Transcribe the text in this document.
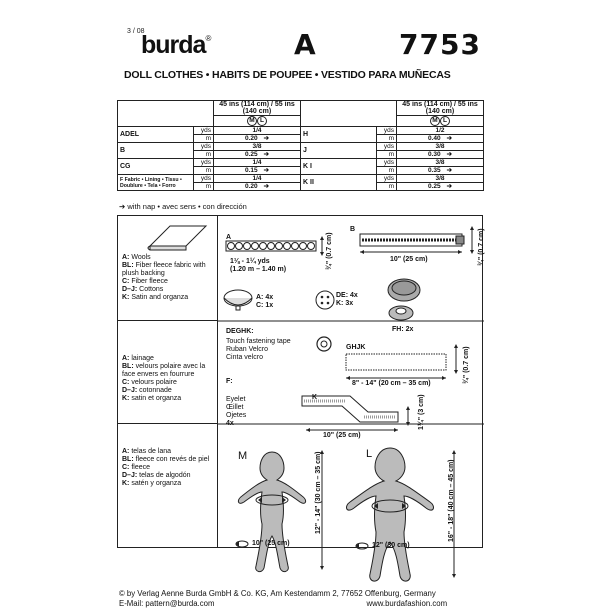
3 / 08
burda®	A	7753
DOLL CLOTHES • HABITS DE POUPEE • VESTIDO PARA MUÑECAS
		45 ins (114 cm) / 55 ins (140 cm)			45 ins (114 cm) / 55 ins (140 cm)
		M L			M L
ADEL	yds	1/4	H	yds	1/2
	m	0.20 ➔		m	0.40 ➔
B	yds	3/8	J	yds	3/8
	m	0.25 ➔		m	0.30 ➔
CG	yds	1/4	K I	yds	3/8
	m	0.15 ➔		m	0.35 ➔
F Fabric • Lining • Tissu • Doublure • Tela • Forro	yds	1/4	K II	yds	3/8
	m	0.20 ➔		m	0.25 ➔
➔ with nap • avec sens • con dirección
A: Wools
BL: Fiber fleece fabric with plush backing
C: Fiber fleece
D–J: Cottons
K: Satin and organza
A: lainage
BL: velours polaire avec la face envers en fourrure
C: velours polaire
D–J: cotonnade
K: satin et organza
A: telas de lana
BL: fleece con revés de piel
C: fleece
D–J: telas de algodón
K: satén y organza
A	¾" (0.7 cm)
1⅛ - 1¼ yds
(1.20 m – 1.40 m)
B	¾" (0.7 cm)
10" (25 cm)
A: 4x
C: 1x
DE: 4x
K: 3x
FH: 2x
DEGHK:
Touch fastening tape
Ruban Velcro
Cinta velcro
GHJK	¾" (0.7 cm)
8" - 14" (20 cm – 35 cm)
F:
Eyelet
Œillet
Ojetes
4x
K	1¼" (3 cm)
10" (25 cm)
M	12" - 14" (30 cm – 35 cm)
10" (25 cm)
L
16" - 18" (40 cm – 45 cm)
12" (30 cm)
© by Verlag Aenne Burda GmbH & Co. KG, Am Kestendamm 2, 77652 Offenburg, Germany
E-Mail: pattern@burda.com	www.burdafashion.com
